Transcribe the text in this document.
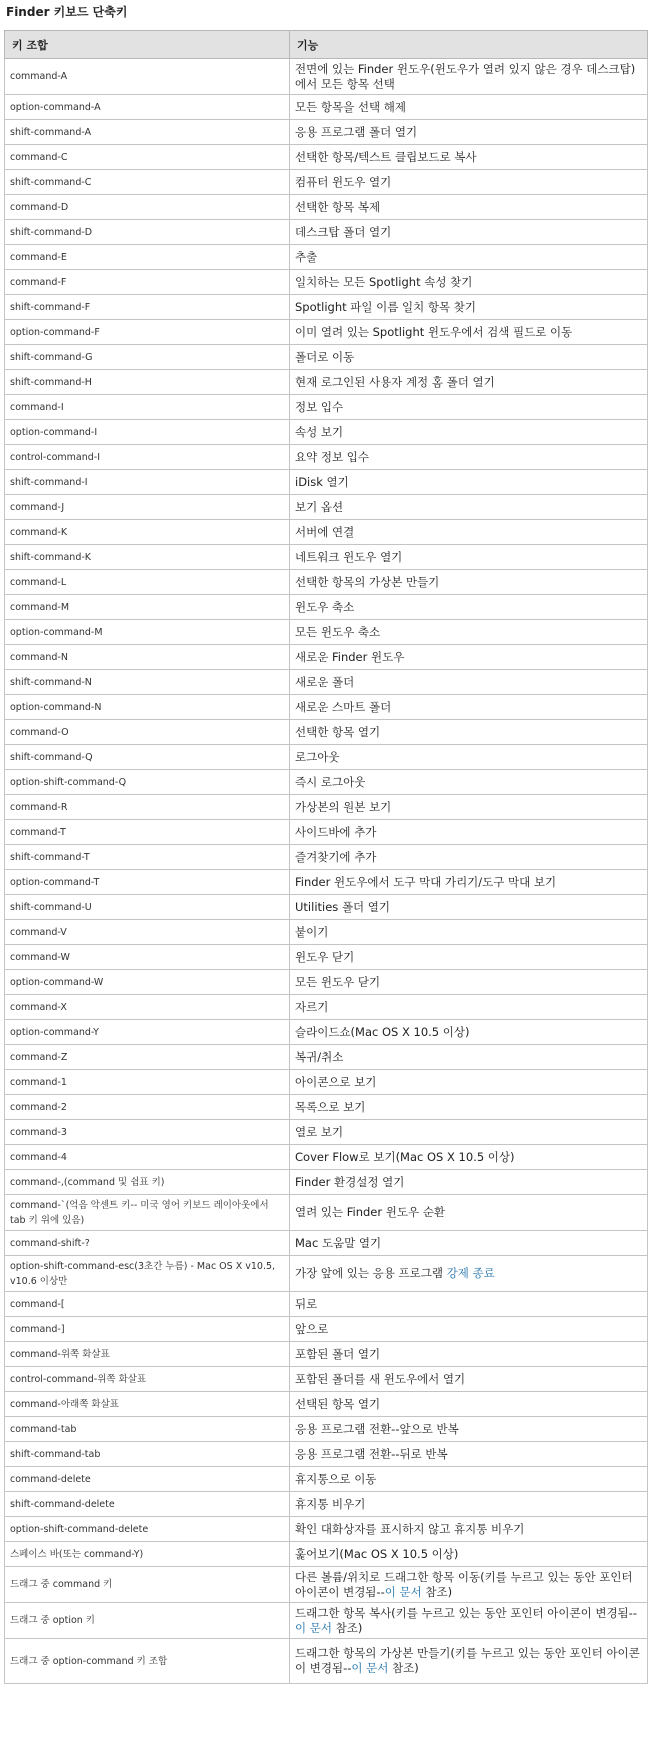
Finder 키보드 단축키
키 조합	기능
command-A	전면에 있는 Finder 윈도우(윈도우가 열려 있지 않은 경우 데스크탑)에서 모든 항목 선택
option-command-A	모든 항목을 선택 해제
shift-command-A	응용 프로그램 폴더 열기
command-C	선택한 항목/텍스트 클립보드로 복사
shift-command-C	컴퓨터 윈도우 열기
command-D	선택한 항목 복제
shift-command-D	데스크탑 폴더 열기
command-E	추출
command-F	일치하는 모든 Spotlight 속성 찾기
shift-command-F	Spotlight 파일 이름 일치 항목 찾기
option-command-F	이미 열려 있는 Spotlight 윈도우에서 검색 필드로 이동
shift-command-G	폴더로 이동
shift-command-H	현재 로그인된 사용자 계정 홈 폴더 열기
command-I	정보 입수
option-command-I	속성 보기
control-command-I	요약 정보 입수
shift-command-I	iDisk 열기
command-J	보기 옵션
command-K	서버에 연결
shift-command-K	네트워크 윈도우 열기
command-L	선택한 항목의 가상본 만들기
command-M	윈도우 축소
option-command-M	모든 윈도우 축소
command-N	새로운 Finder 윈도우
shift-command-N	새로운 폴더
option-command-N	새로운 스마트 폴더
command-O	선택한 항목 열기
shift-command-Q	로그아웃
option-shift-command-Q	즉시 로그아웃
command-R	가상본의 원본 보기
command-T	사이드바에 추가
shift-command-T	즐겨찾기에 추가
option-command-T	Finder 윈도우에서 도구 막대 가리기/도구 막대 보기
shift-command-U	Utilities 폴더 열기
command-V	붙이기
command-W	윈도우 닫기
option-command-W	모든 윈도우 닫기
command-X	자르기
option-command-Y	슬라이드쇼(Mac OS X 10.5 이상)
command-Z	복귀/취소
command-1	아이콘으로 보기
command-2	목록으로 보기
command-3	열로 보기
command-4	Cover Flow로 보기(Mac OS X 10.5 이상)
command-,(command 및 쉼표 키)	Finder 환경설정 열기
command-`(억음 악센트 키-- 미국 영어 키보드 레이아웃에서 tab 키 위에 있음)	열려 있는 Finder 윈도우 순환
command-shift-?	Mac 도움말 열기
option-shift-command-esc(3초간 누름) - Mac OS X v10.5, v10.6 이상만	가장 앞에 있는 응용 프로그램 강제 종료
command-[	뒤로
command-]	앞으로
command-위쪽 화살표	포함된 폴더 열기
control-command-위쪽 화살표	포함된 폴더를 새 윈도우에서 열기
command-아래쪽 화살표	선택된 항목 열기
command-tab	응용 프로그램 전환--앞으로 반복
shift-command-tab	응용 프로그램 전환--뒤로 반복
command-delete	휴지통으로 이동
shift-command-delete	휴지통 비우기
option-shift-command-delete	확인 대화상자를 표시하지 않고 휴지통 비우기
스페이스 바(또는 command-Y)	훑어보기(Mac OS X 10.5 이상)
드래그 중 command 키	다른 볼륨/위치로 드래그한 항목 이동(키를 누르고 있는 동안 포인터 아이콘이 변경됨--이 문서 참조)
드래그 중 option 키	드래그한 항목 복사(키를 누르고 있는 동안 포인터 아이콘이 변경됨--이 문서 참조)
드래그 중 option-command 키 조합	드래그한 항목의 가상본 만들기(키를 누르고 있는 동안 포인터 아이콘이 변경됨--이 문서 참조)
